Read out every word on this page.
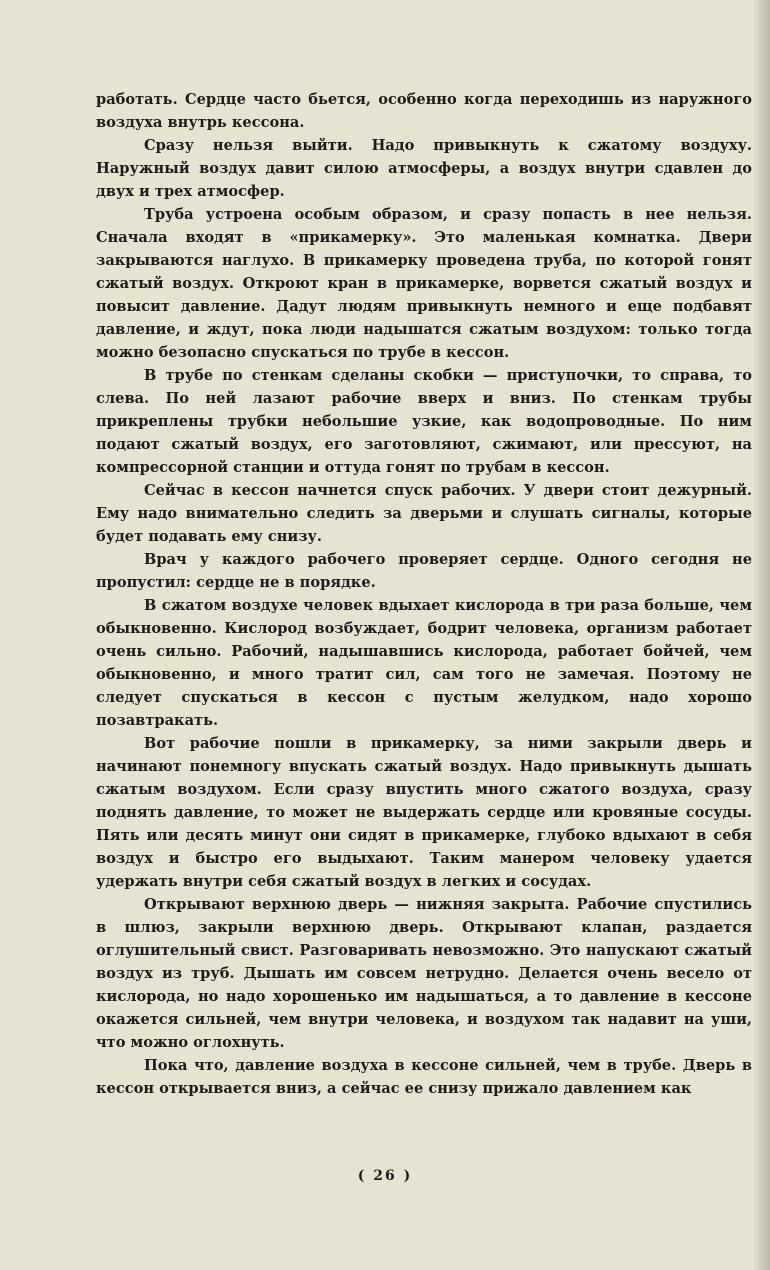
работать. Сердце часто бьется, особенно когда переходишь из наружного воздуха внутрь кессона.

Сразу нельзя выйти. Надо привыкнуть к сжатому воздуху. Наружный воздух давит силою атмосферы, а воздух внутри сдавлен до двух и трех атмосфер.

Труба устроена особым образом, и сразу попасть в нее нельзя. Сначала входят в «прикамерку». Это маленькая комнатка. Двери закрываются наглухо. В прикамерку проведена труба, по которой гонят сжатый воздух. Откроют кран в прикамерке, ворвется сжатый воздух и повысит давление. Дадут людям привыкнуть немного и еще подбавят давление, и ждут, пока люди надышатся сжатым воздухом: только тогда можно безопасно спускаться по трубе в кессон.

В трубе по стенкам сделаны скобки — приступочки, то справа, то слева. По ней лазают рабочие вверх и вниз. По стенкам трубы прикреплены трубки небольшие узкие, как водопроводные. По ним подают сжатый воздух, его заготовляют, сжимают, или прессуют, на компрессорной станции и оттуда гонят по трубам в кессон.

Сейчас в кессон начнется спуск рабочих. У двери стоит дежурный. Ему надо внимательно следить за дверьми и слушать сигналы, которые будет подавать ему снизу.

Врач у каждого рабочего проверяет сердце. Одного сегодня не пропустил: сердце не в порядке.

В сжатом воздухе человек вдыхает кислорода в три раза больше, чем обыкновенно. Кислород возбуждает, бодрит человека, организм работает очень сильно. Рабочий, надышавшись кислорода, работает бойчей, чем обыкновенно, и много тратит сил, сам того не замечая. Поэтому не следует спускаться в кессон с пустым желудком, надо хорошо позавтракать.

Вот рабочие пошли в прикамерку, за ними закрыли дверь и начинают понемногу впускать сжатый воздух. Надо привыкнуть дышать сжатым воздухом. Если сразу впустить много сжатого воздуха, сразу поднять давление, то может не выдержать сердце или кровяные сосуды. Пять или десять минут они сидят в прикамерке, глубоко вдыхают в себя воздух и быстро его выдыхают. Таким манером человеку удается удержать внутри себя сжатый воздух в легких и сосудах.

Открывают верхнюю дверь — нижняя закрыта. Рабочие спустились в шлюз, закрыли верхнюю дверь. Открывают клапан, раздается оглушительный свист. Разговаривать невозможно. Это напускают сжатый воздух из труб. Дышать им совсем нетрудно. Делается очень весело от кислорода, но надо хорошенько им надышаться, а то давление в кессоне окажется сильней, чем внутри человека, и воздухом так надавит на уши, что можно оглохнуть.

Пока что, давление воздуха в кессоне сильней, чем в трубе. Дверь в кессон открывается вниз, а сейчас ее снизу прижало давлением как

( 26 )
